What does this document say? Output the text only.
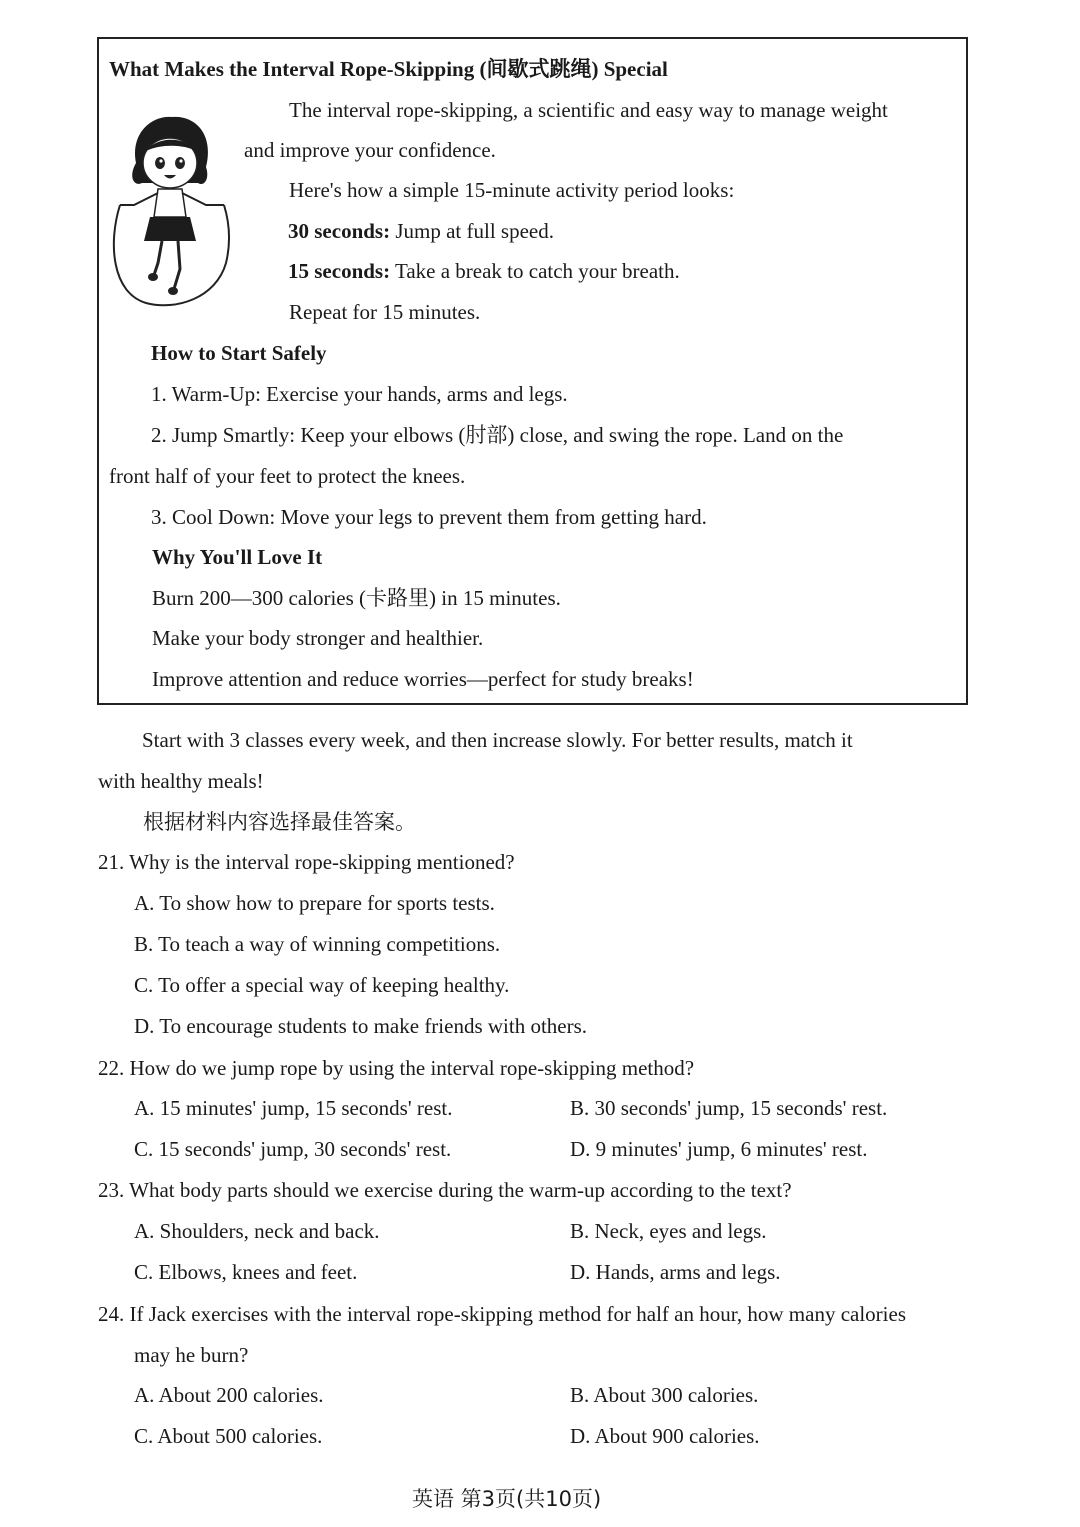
What Makes the Interval Rope-Skipping (间歇式跳绳) Special
The interval rope-skipping, a scientific and easy way to manage weight
and improve your confidence.
Here's how a simple 15-minute activity period looks:
30 seconds: Jump at full speed.
15 seconds: Take a break to catch your breath.
Repeat for 15 minutes.
How to Start Safely
1. Warm-Up: Exercise your hands, arms and legs.
2. Jump Smartly: Keep your elbows (肘部) close, and swing the rope. Land on the
front half of your feet to protect the knees.
3. Cool Down: Move your legs to prevent them from getting hard.
Why You'll Love It
Burn 200—300 calories (卡路里) in 15 minutes.
Make your body stronger and healthier.
Improve attention and reduce worries—perfect for study breaks!
Start with 3 classes every week, and then increase slowly. For better results, match it
with healthy meals!
根据材料内容选择最佳答案。
21. Why is the interval rope-skipping mentioned?
A. To show how to prepare for sports tests.
B. To teach a way of winning competitions.
C. To offer a special way of keeping healthy.
D. To encourage students to make friends with others.
22. How do we jump rope by using the interval rope-skipping method?
A. 15 minutes' jump, 15 seconds' rest.	B. 30 seconds' jump, 15 seconds' rest.
C. 15 seconds' jump, 30 seconds' rest.	D. 9 minutes' jump, 6 minutes' rest.
23. What body parts should we exercise during the warm-up according to the text?
A. Shoulders, neck and back.	B. Neck, eyes and legs.
C. Elbows, knees and feet.	D. Hands, arms and legs.
24. If Jack exercises with the interval rope-skipping method for half an hour, how many calories
may he burn?
A. About 200 calories.	B. About 300 calories.
C. About 500 calories.	D. About 900 calories.
英语 第3页(共10页)
